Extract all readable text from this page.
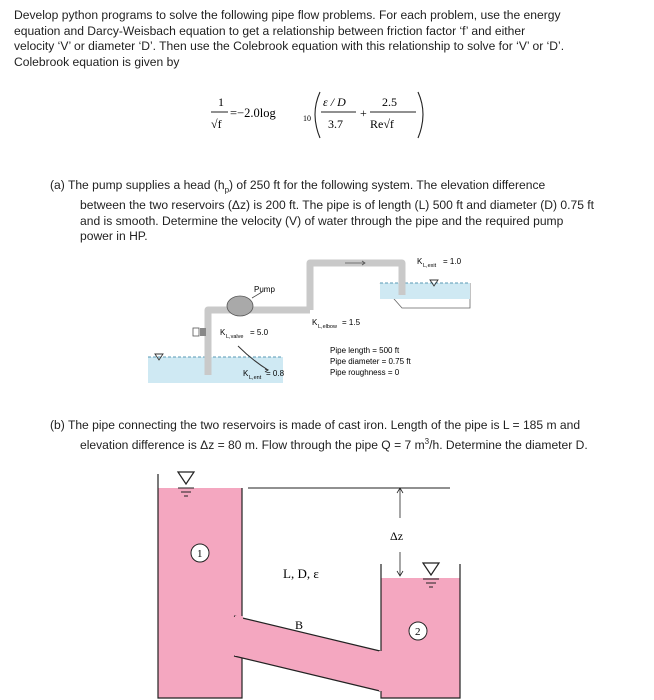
Develop python programs to solve the following pipe flow problems. For each problem, use the energy
equation and Darcy-Weisbach equation to get a relationship between friction factor ‘f’ and either
velocity ‘V’ or diameter ‘D’. Then use the Colebrook equation with this relationship to solve for ‘V’ or ‘D’.
Colebrook equation is given by
1
√f
=−2.0log	10
ε / D
3.7
+
2.5
Re√f
(a) The pump supplies a head $(h_p)$ of 250 ft for the following system. The elevation difference
between the two reservoirs (Δz) is 200 ft. The pipe is of length (L) 500 ft and diameter (D) 0.75 ft
and is smooth. Determine the velocity (V) of water through the pipe and the required pump
power in HP.
Pump
K L,valve = 5.0
K L,ent = 0.8
K L,elbow = 1.5
K L,exit = 1.0
Pipe length = 500 ft
Pipe diameter = 0.75 ft
Pipe roughness = 0
(b) The pipe connecting the two reservoirs is made of cast iron. Length of the pipe is L = 185 m and
elevation difference is Δz = 80 m. Flow through the pipe Q = 7 $m^3/h$. Determine the diameter D.
Δz
1
2
L, D, ε
B
